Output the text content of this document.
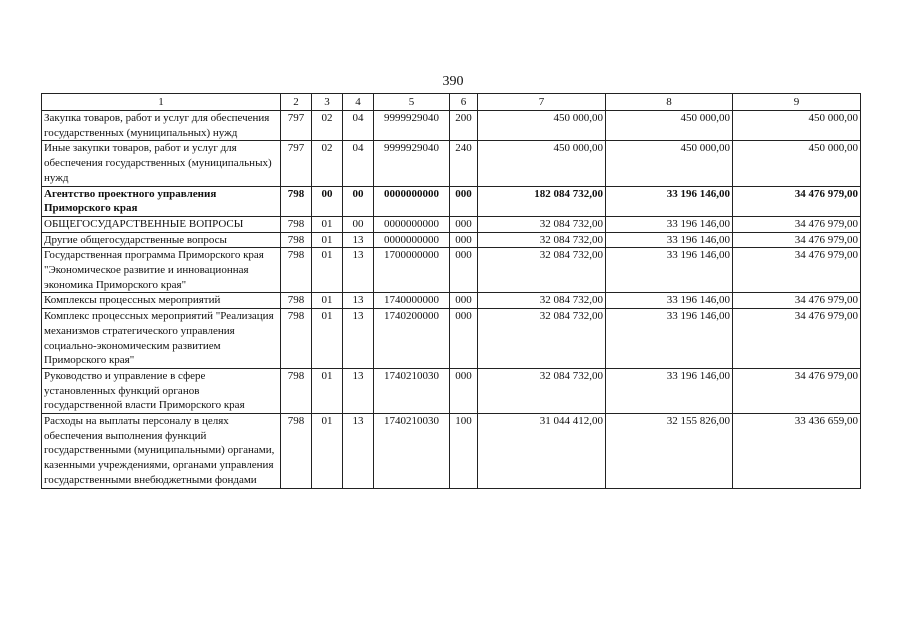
390
1	2	3	4	5	6	7	8	9
Закупка товаров, работ и услуг для обеспечения государственных (муниципальных) нужд	797	02	04	9999929040	200	450 000,00	450 000,00	450 000,00
Иные закупки товаров, работ и услуг для обеспечения государственных (муниципальных) нужд	797	02	04	9999929040	240	450 000,00	450 000,00	450 000,00
Агентство проектного управления Приморского края	798	00	00	0000000000	000	182 084 732,00	33 196 146,00	34 476 979,00
ОБЩЕГОСУДАРСТВЕННЫЕ ВОПРОСЫ	798	01	00	0000000000	000	32 084 732,00	33 196 146,00	34 476 979,00
Другие общегосударственные вопросы	798	01	13	0000000000	000	32 084 732,00	33 196 146,00	34 476 979,00
Государственная программа Приморского края "Экономическое развитие и инновационная экономика Приморского края"	798	01	13	1700000000	000	32 084 732,00	33 196 146,00	34 476 979,00
Комплексы процессных мероприятий	798	01	13	1740000000	000	32 084 732,00	33 196 146,00	34 476 979,00
Комплекс процессных мероприятий "Реализация механизмов стратегического управления социально-экономическим развитием Приморского края"	798	01	13	1740200000	000	32 084 732,00	33 196 146,00	34 476 979,00
Руководство и управление в сфере установленных функций органов государственной власти Приморского края	798	01	13	1740210030	000	32 084 732,00	33 196 146,00	34 476 979,00
Расходы на выплаты персоналу в целях обеспечения выполнения функций государственными (муниципальными) органами, казенными учреждениями, органами управления государственными внебюджетными фондами	798	01	13	1740210030	100	31 044 412,00	32 155 826,00	33 436 659,00
